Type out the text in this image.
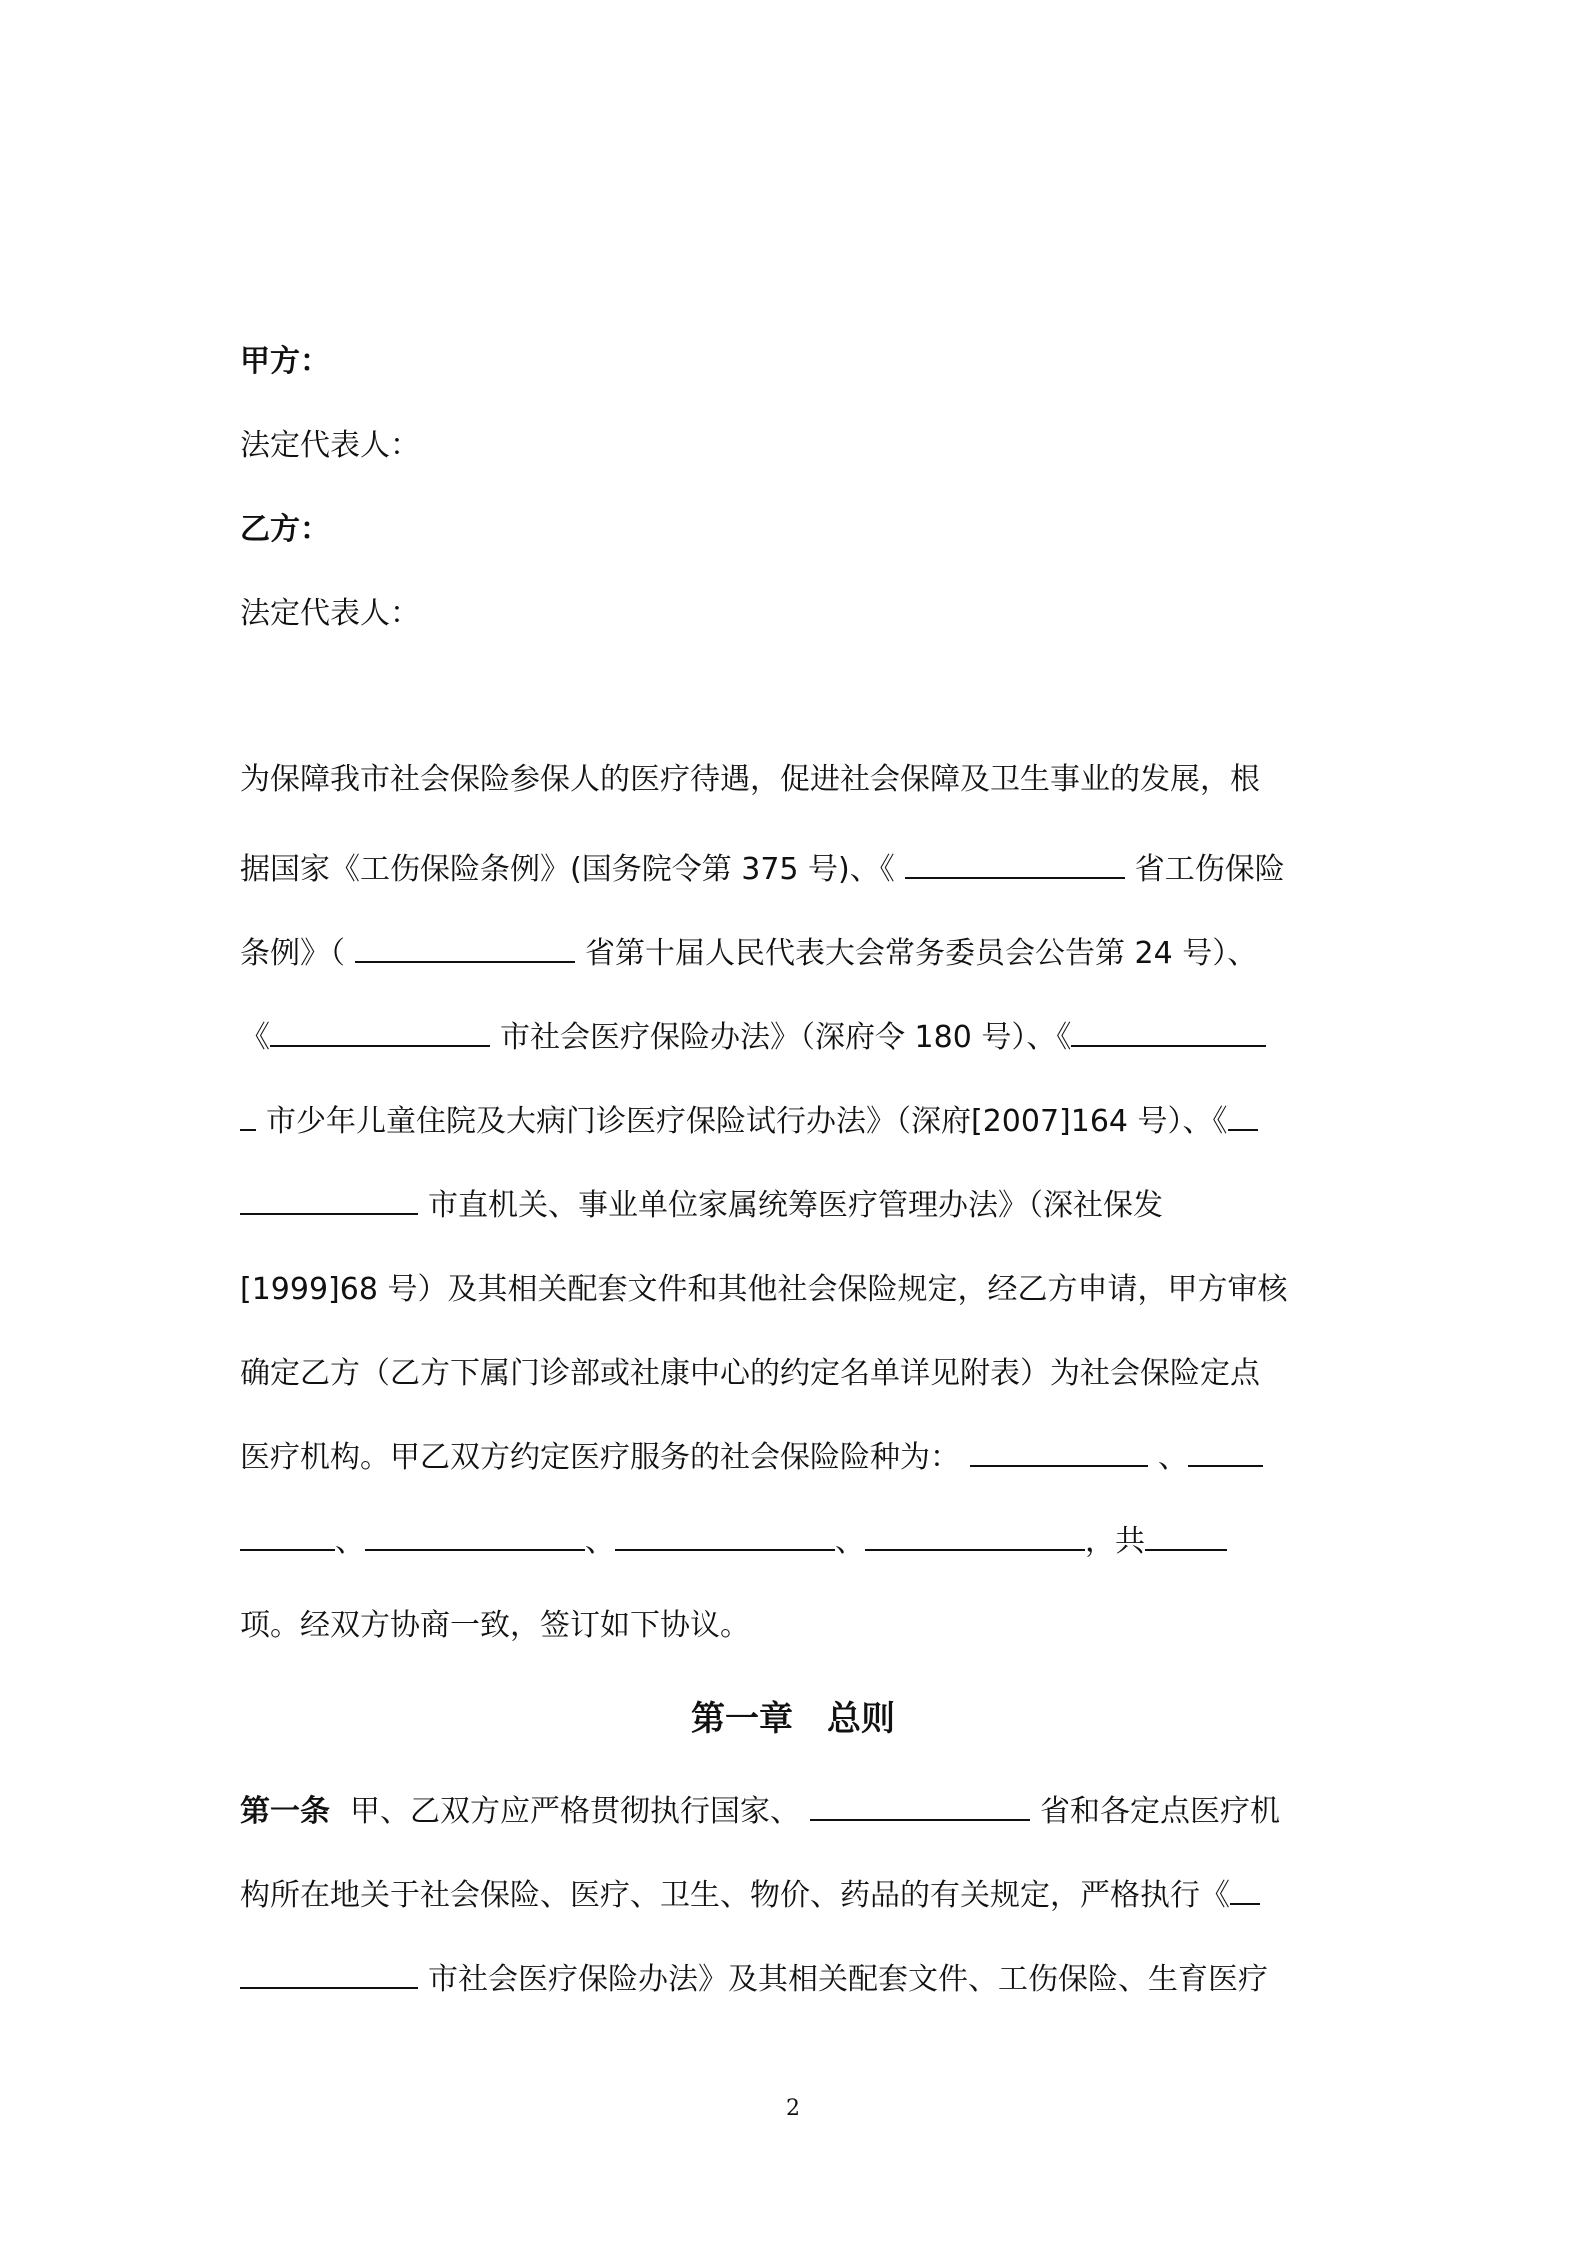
甲方：
法定代表人：
乙方：
法定代表人：
为保障我市社会保险参保人的医疗待遇，促进社会保障及卫生事业的发展，根
据国家《工伤保险条例》(国务院令第 375 号)、《	省工伤保险
条例》（	省第十届人民代表大会常务委员会公告第 24 号）、
《	市社会医疗保险办法》（深府令 180 号）、《
市少年儿童住院及大病门诊医疗保险试行办法》（深府[2007]164 号）、《
市直机关、事业单位家属统筹医疗管理办法》（深社保发
[1999]68 号）及其相关配套文件和其他社会保险规定，经乙方申请，甲方审核
确定乙方（乙方下属门诊部或社康中心的约定名单详见附表）为社会保险定点
医疗机构。甲乙双方约定医疗服务的社会保险险种为：	、
、	、	、	，共
项。经双方协商一致，签订如下协议。
第一章　总则
第一条 甲、乙双方应严格贯彻执行国家、	省和各定点医疗机
构所在地关于社会保险、医疗、卫生、物价、药品的有关规定，严格执行《
市社会医疗保险办法》及其相关配套文件、工伤保险、生育医疗
2
